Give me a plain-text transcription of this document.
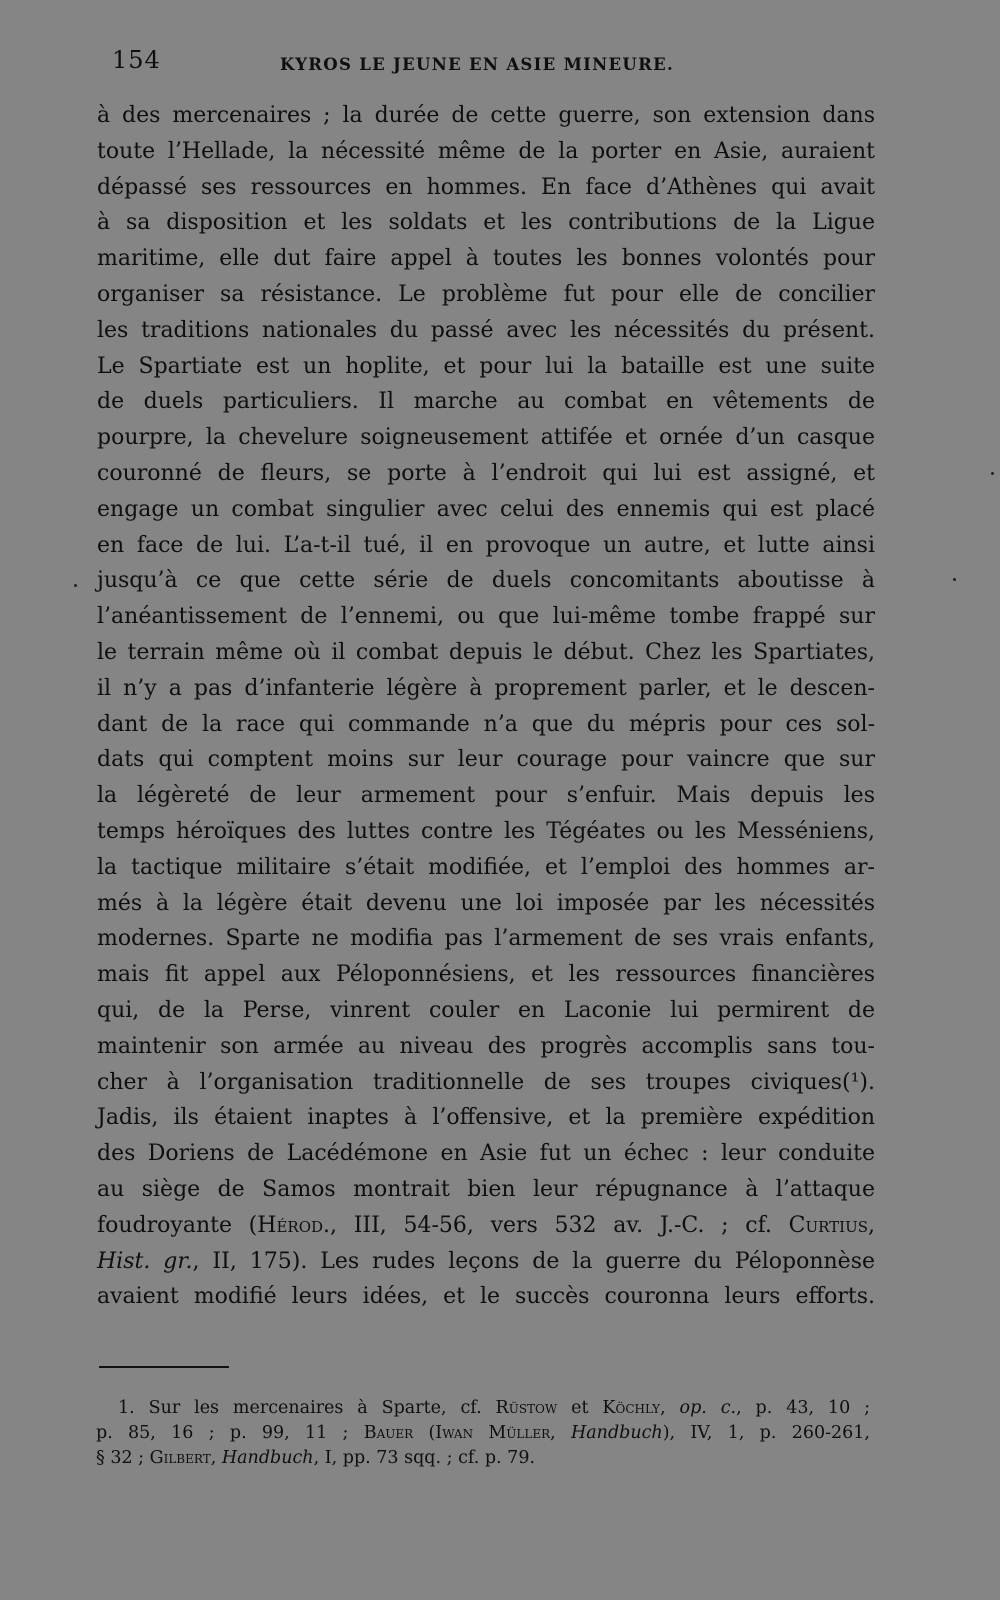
154	KYROS LE JEUNE EN ASIE MINEURE.
à des mercenaires ; la durée de cette guerre, son extension dans
toute l’Hellade, la nécessité même de la porter en Asie, auraient
dépassé ses ressources en hommes. En face d’Athènes qui avait
à sa disposition et les soldats et les contributions de la Ligue
maritime, elle dut faire appel à toutes les bonnes volontés pour
organiser sa résistance. Le problème fut pour elle de concilier
les traditions nationales du passé avec les nécessités du présent.
Le Spartiate est un hoplite, et pour lui la bataille est une suite
de duels particuliers. Il marche au combat en vêtements de
pourpre, la chevelure soigneusement attifée et ornée d’un casque
couronné de fleurs, se porte à l’endroit qui lui est assigné, et
engage un combat singulier avec celui des ennemis qui est placé
en face de lui. L’a-t-il tué, il en provoque un autre, et lutte ainsi
jusqu’à ce que cette série de duels concomitants aboutisse à
l’anéantissement de l’ennemi, ou que lui-même tombe frappé sur
le terrain même où il combat depuis le début. Chez les Spartiates,
il n’y a pas d’infanterie légère à proprement parler, et le descen-
dant de la race qui commande n’a que du mépris pour ces sol-
dats qui comptent moins sur leur courage pour vaincre que sur
la légèreté de leur armement pour s’enfuir. Mais depuis les
temps héroïques des luttes contre les Tégéates ou les Messéniens,
la tactique militaire s’était modifiée, et l’emploi des hommes ar-
més à la légère était devenu une loi imposée par les nécessités
modernes. Sparte ne modifia pas l’armement de ses vrais enfants,
mais fit appel aux Péloponnésiens, et les ressources financières
qui, de la Perse, vinrent couler en Laconie lui permirent de
maintenir son armée au niveau des progrès accomplis sans tou-
cher à l’organisation traditionnelle de ses troupes civiques(¹).
Jadis, ils étaient inaptes à l’offensive, et la première expédition
des Doriens de Lacédémone en Asie fut un échec : leur conduite
au siège de Samos montrait bien leur répugnance à l’attaque
foudroyante (Hérod., III, 54-56, vers 532 av. J.-C. ; cf. Curtius,
Hist. gr., II, 175). Les rudes leçons de la guerre du Péloponnèse
avaient modifié leurs idées, et le succès couronna leurs efforts.
1. Sur les mercenaires à Sparte, cf. Rüstow et Köchly, op. c., p. 43, 10 ;
p. 85, 16 ; p. 99, 11 ; Bauer (Iwan Müller, Handbuch), IV, 1, p. 260-261,
§ 32 ; Gilbert, Handbuch, I, pp. 73 sqq. ; cf. p. 79.
